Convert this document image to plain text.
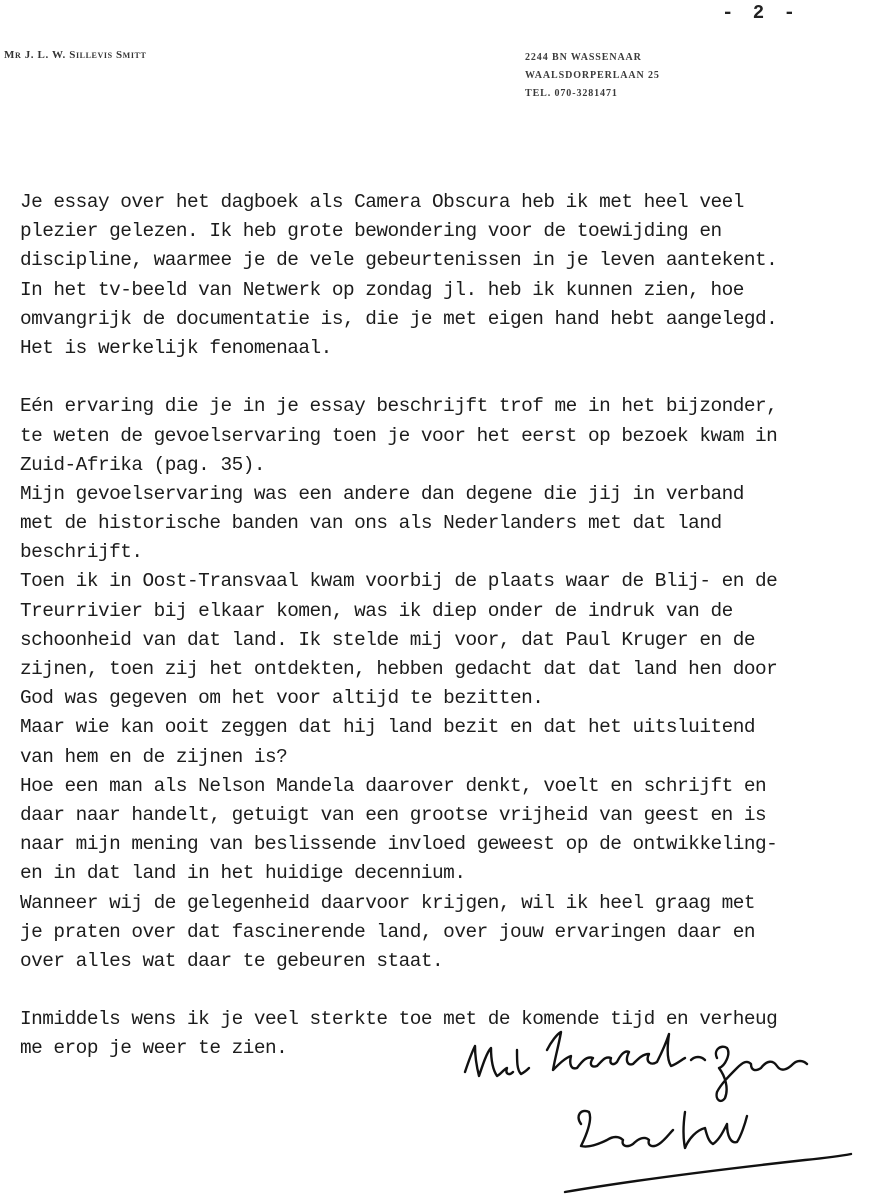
- 2 -
Mr J. L. W. Sillevis Smitt	2244 BN WASSENAAR
WAALSDORPERLAAN 25
TEL. 070-3281471
Je essay over het dagboek als Camera Obscura heb ik met heel veel
plezier gelezen. Ik heb grote bewondering voor de toewijding en
discipline, waarmee je de vele gebeurtenissen in je leven aantekent.
In het tv-beeld van Netwerk op zondag jl. heb ik kunnen zien, hoe
omvangrijk de documentatie is, die je met eigen hand hebt aangelegd.
Het is werkelijk fenomenaal.
Eén ervaring die je in je essay beschrijft trof me in het bijzonder,
te weten de gevoelservaring toen je voor het eerst op bezoek kwam in
Zuid-Afrika (pag. 35).
Mijn gevoelservaring was een andere dan degene die jij in verband
met de historische banden van ons als Nederlanders met dat land
beschrijft.
Toen ik in Oost-Transvaal kwam voorbij de plaats waar de Blij- en de
Treurrivier bij elkaar komen, was ik diep onder de indruk van de
schoonheid van dat land. Ik stelde mij voor, dat Paul Kruger en de
zijnen, toen zij het ontdekten, hebben gedacht dat dat land hen door
God was gegeven om het voor altijd te bezitten.
Maar wie kan ooit zeggen dat hij land bezit en dat het uitsluitend
van hem en de zijnen is?
Hoe een man als Nelson Mandela daarover denkt, voelt en schrijft en
daar naar handelt, getuigt van een grootse vrijheid van geest en is
naar mijn mening van beslissende invloed geweest op de ontwikkeling-
en in dat land in het huidige decennium.
Wanneer wij de gelegenheid daarvoor krijgen, wil ik heel graag met
je praten over dat fascinerende land, over jouw ervaringen daar en
over alles wat daar te gebeuren staat.
Inmiddels wens ik je veel sterkte toe met de komende tijd en verheug
me erop je weer te zien.
